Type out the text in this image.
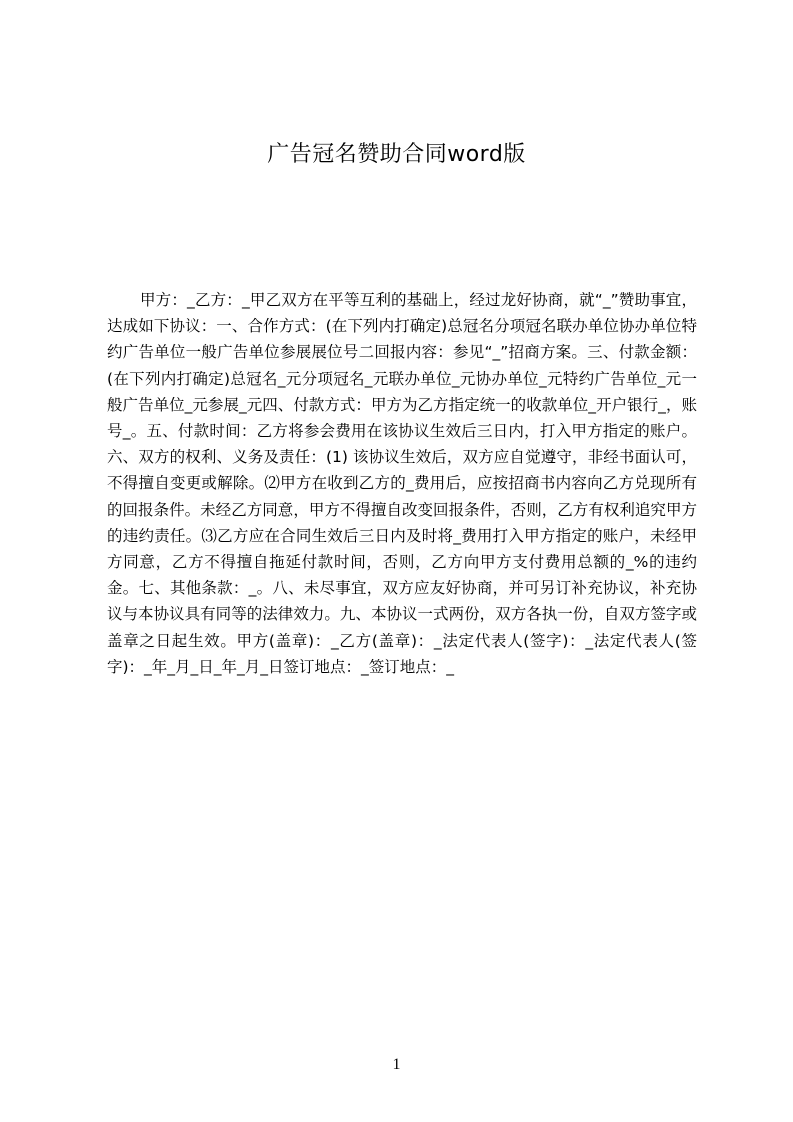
广告冠名赞助合同word版

甲方：_乙方：_甲乙双方在平等互利的基础上，经过龙好协商，就“_”赞助事宜，达成如下协议：一、合作方式：(在下列内打确定)总冠名分项冠名联办单位协办单位特约广告单位一般广告单位参展展位号二回报内容：参见“_”招商方案。三、付款金额：(在下列内打确定)总冠名_元分项冠名_元联办单位_元协办单位_元特约广告单位_元一般广告单位_元参展_元四、付款方式：甲方为乙方指定统一的收款单位_开户银行_，账号_。五、付款时间：乙方将参会费用在该协议生效后三日内，打入甲方指定的账户。六、双方的权利、义务及责任：(1) 该协议生效后，双方应自觉遵守，非经书面认可，不得擅自变更或解除。⑵甲方在收到乙方的_费用后，应按招商书内容向乙方兑现所有的回报条件。未经乙方同意，甲方不得擅自改变回报条件，否则，乙方有权利追究甲方的违约责任。⑶乙方应在合同生效后三日内及时将_费用打入甲方指定的账户，未经甲方同意，乙方不得擅自拖延付款时间，否则，乙方向甲方支付费用总额的_%的违约金。七、其他条款：_。八、未尽事宜，双方应友好协商，并可另订补充协议，补充协议与本协议具有同等的法律效力。九、本协议一式两份，双方各执一份，自双方签字或盖章之日起生效。甲方(盖章)：_乙方(盖章)：_法定代表人(签字)：_法定代表人(签字)：_年_月_日_年_月_日签订地点：_签订地点：_

1
